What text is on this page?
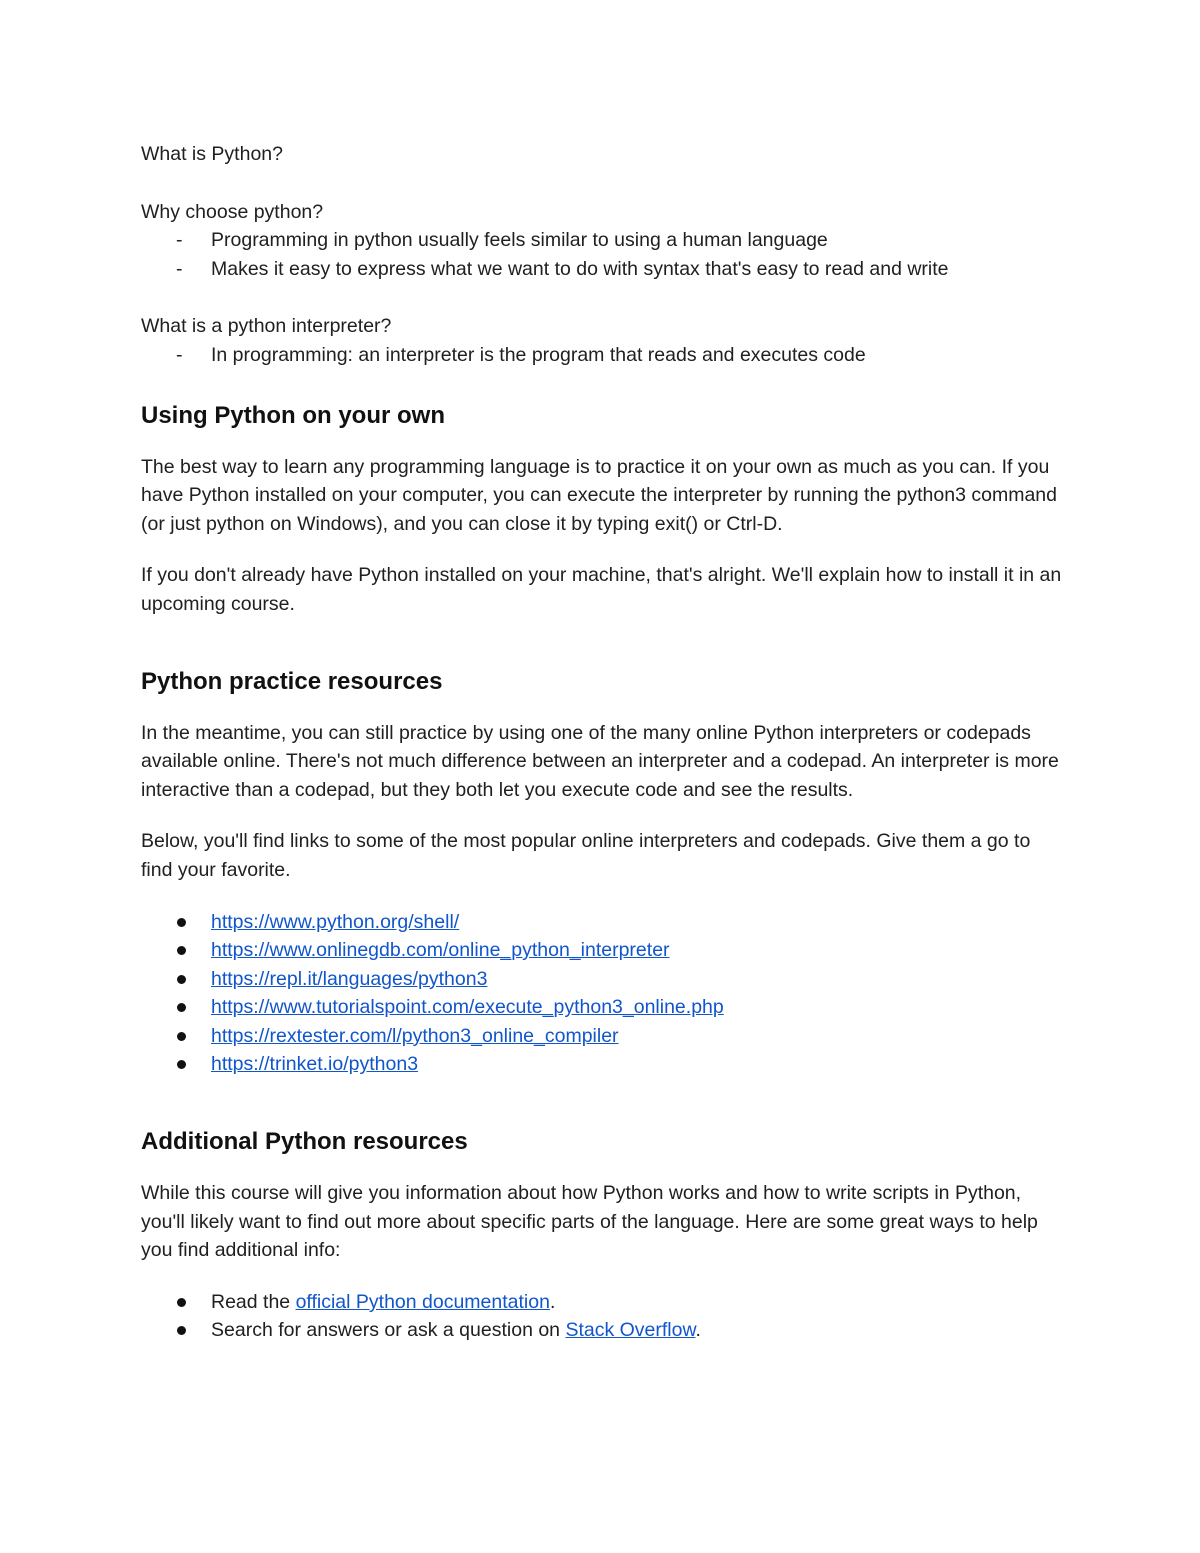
What is Python?

Why choose python?

- Programming in python usually feels similar to using a human language
- Makes it easy to express what we want to do with syntax that's easy to read and write

What is a python interpreter?

- In programming: an interpreter is the program that reads and executes code
Using Python on your own

The best way to learn any programming language is to practice it on your own as much as you can. If you have Python installed on your computer, you can execute the interpreter by running the python3 command (or just python on Windows), and you can close it by typing exit() or Ctrl-D.

If you don't already have Python installed on your machine, that's alright. We'll explain how to install it in an upcoming course.

Python practice resources

In the meantime, you can still practice by using one of the many online Python interpreters or codepads available online. There's not much difference between an interpreter and a codepad. An interpreter is more interactive than a codepad, but they both let you execute code and see the results.

Below, you'll find links to some of the most popular online interpreters and codepads. Give them a go to find your favorite.

https://www.python.org/shell/
https://www.onlinegdb.com/online_python_interpreter
https://repl.it/languages/python3
https://www.tutorialspoint.com/execute_python3_online.php
https://rextester.com/l/python3_online_compiler
https://trinket.io/python3
Additional Python resources

While this course will give you information about how Python works and how to write scripts in Python, you'll likely want to find out more about specific parts of the language. Here are some great ways to help you find additional info:

Read the official Python documentation.
Search for answers or ask a question on Stack Overflow.
